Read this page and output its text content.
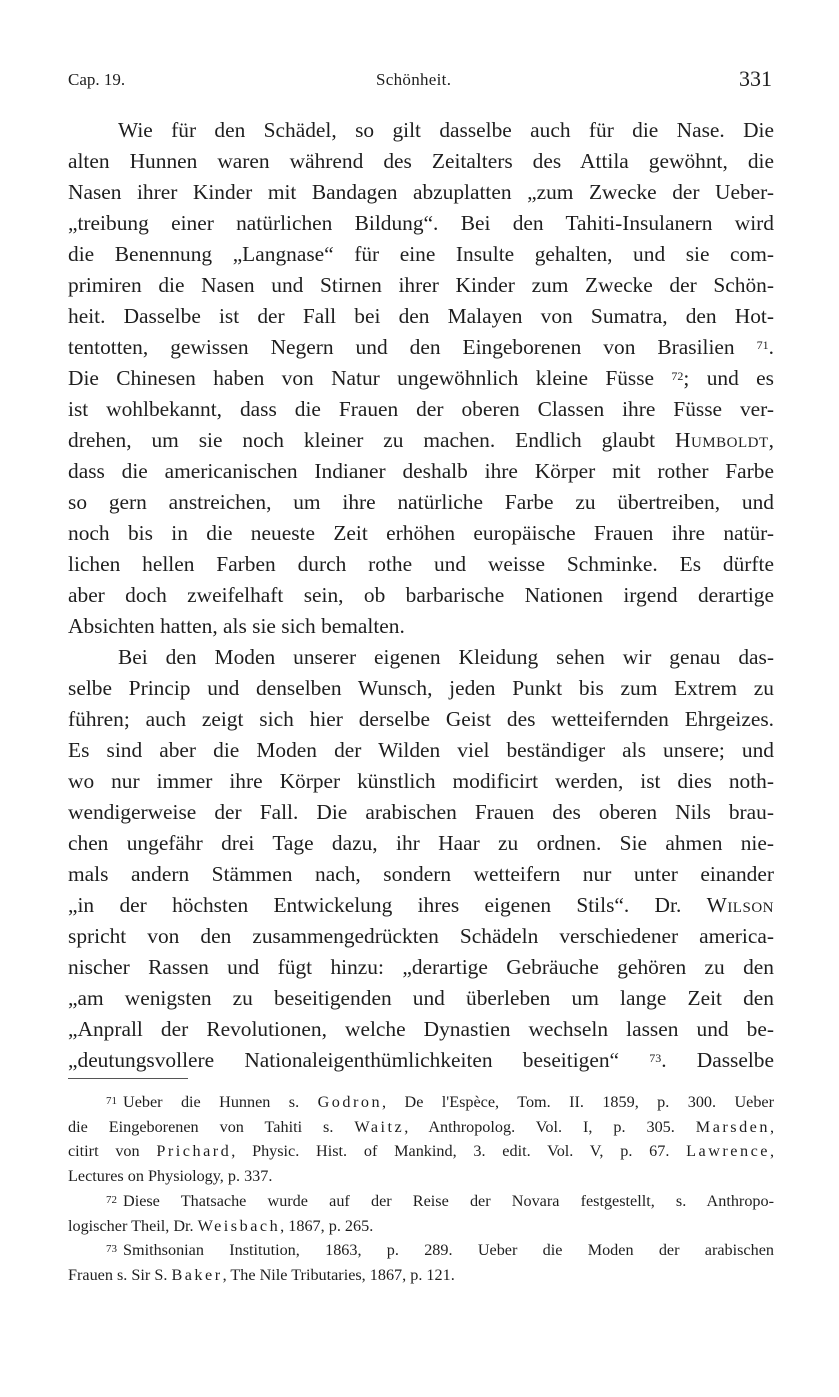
Cap. 19.	Schönheit.	331

Wie für den Schädel, so gilt dasselbe auch für die Nase. Die
alten Hunnen waren während des Zeitalters des Attila gewöhnt, die
Nasen ihrer Kinder mit Bandagen abzuplatten „zum Zwecke der Ueber-
„treibung einer natürlichen Bildung“. Bei den Tahiti-Insulanern wird
die Benennung „Langnase“ für eine Insulte gehalten, und sie com-
primiren die Nasen und Stirnen ihrer Kinder zum Zwecke der Schön-
heit. Dasselbe ist der Fall bei den Malayen von Sumatra, den Hot-
tentotten, gewissen Negern und den Eingeborenen von Brasilien $^{71}$.
Die Chinesen haben von Natur ungewöhnlich kleine Füsse $^{72}$; und es
ist wohlbekannt, dass die Frauen der oberen Classen ihre Füsse ver-
drehen, um sie noch kleiner zu machen. Endlich glaubt Humboldt,
dass die americanischen Indianer deshalb ihre Körper mit rother Farbe
so gern anstreichen, um ihre natürliche Farbe zu übertreiben, und
noch bis in die neueste Zeit erhöhen europäische Frauen ihre natür-
lichen hellen Farben durch rothe und weisse Schminke. Es dürfte
aber doch zweifelhaft sein, ob barbarische Nationen irgend derartige
Absichten hatten, als sie sich bemalten.

Bei den Moden unserer eigenen Kleidung sehen wir genau das-
selbe Princip und denselben Wunsch, jeden Punkt bis zum Extrem zu
führen; auch zeigt sich hier derselbe Geist des wetteifernden Ehrgeizes.
Es sind aber die Moden der Wilden viel beständiger als unsere; und
wo nur immer ihre Körper künstlich modificirt werden, ist dies noth-
wendigerweise der Fall. Die arabischen Frauen des oberen Nils brau-
chen ungefähr drei Tage dazu, ihr Haar zu ordnen. Sie ahmen nie-
mals andern Stämmen nach, sondern wetteifern nur unter einander
„in der höchsten Entwickelung ihres eigenen Stils“. Dr. Wilson
spricht von den zusammengedrückten Schädeln verschiedener america-
nischer Rassen und fügt hinzu: „derartige Gebräuche gehören zu den
„am wenigsten zu beseitigenden und überleben um lange Zeit den
„Anprall der Revolutionen, welche Dynastien wechseln lassen und be-
„deutungsvollere Nationaleigenthümlichkeiten beseitigen“	$^{73}$. Dasselbe

$^{71}$ Ueber die Hunnen s. Godron, De l'Espèce, Tom. II. 1859, p. 300. Ueber
die Eingeborenen von Tahiti s. Waitz, Anthropolog. Vol. I, p. 305. Marsden,
citirt von Prichard, Physic. Hist. of Mankind, 3. edit. Vol. V, p. 67. Lawrence,
Lectures on Physiology, p. 337.
$^{72}$ Diese Thatsache wurde auf der Reise der Novara festgestellt, s. Anthropo-
logischer Theil, Dr. Weisbach, 1867, p. 265.
$^{73}$ Smithsonian Institution, 1863, p. 289. Ueber die Moden der arabischen
Frauen s. Sir S. Baker, The Nile Tributaries, 1867, p. 121.
